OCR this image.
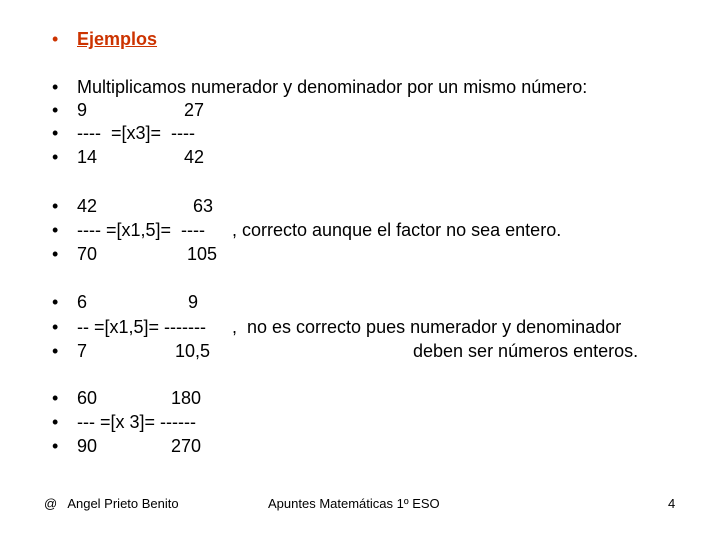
• Ejemplos
• Multiplicamos numerador y denominador por un mismo número:
• 9	27
• ----  =[x3]=  ----
• 14	42
• 42	63
• ---- =[x1,5]=  ---- , correcto aunque el factor no sea entero.
• 70	105
• 6	9
• -- =[x1,5]= ------- ,  no es correcto pues numerador y denominador
• 7	10,5	deben ser números enteros.
• 60	180
• --- =[x 3]= ------
• 90	270
@   Angel Prieto Benito	Apuntes Matemáticas 1º ESO	4
